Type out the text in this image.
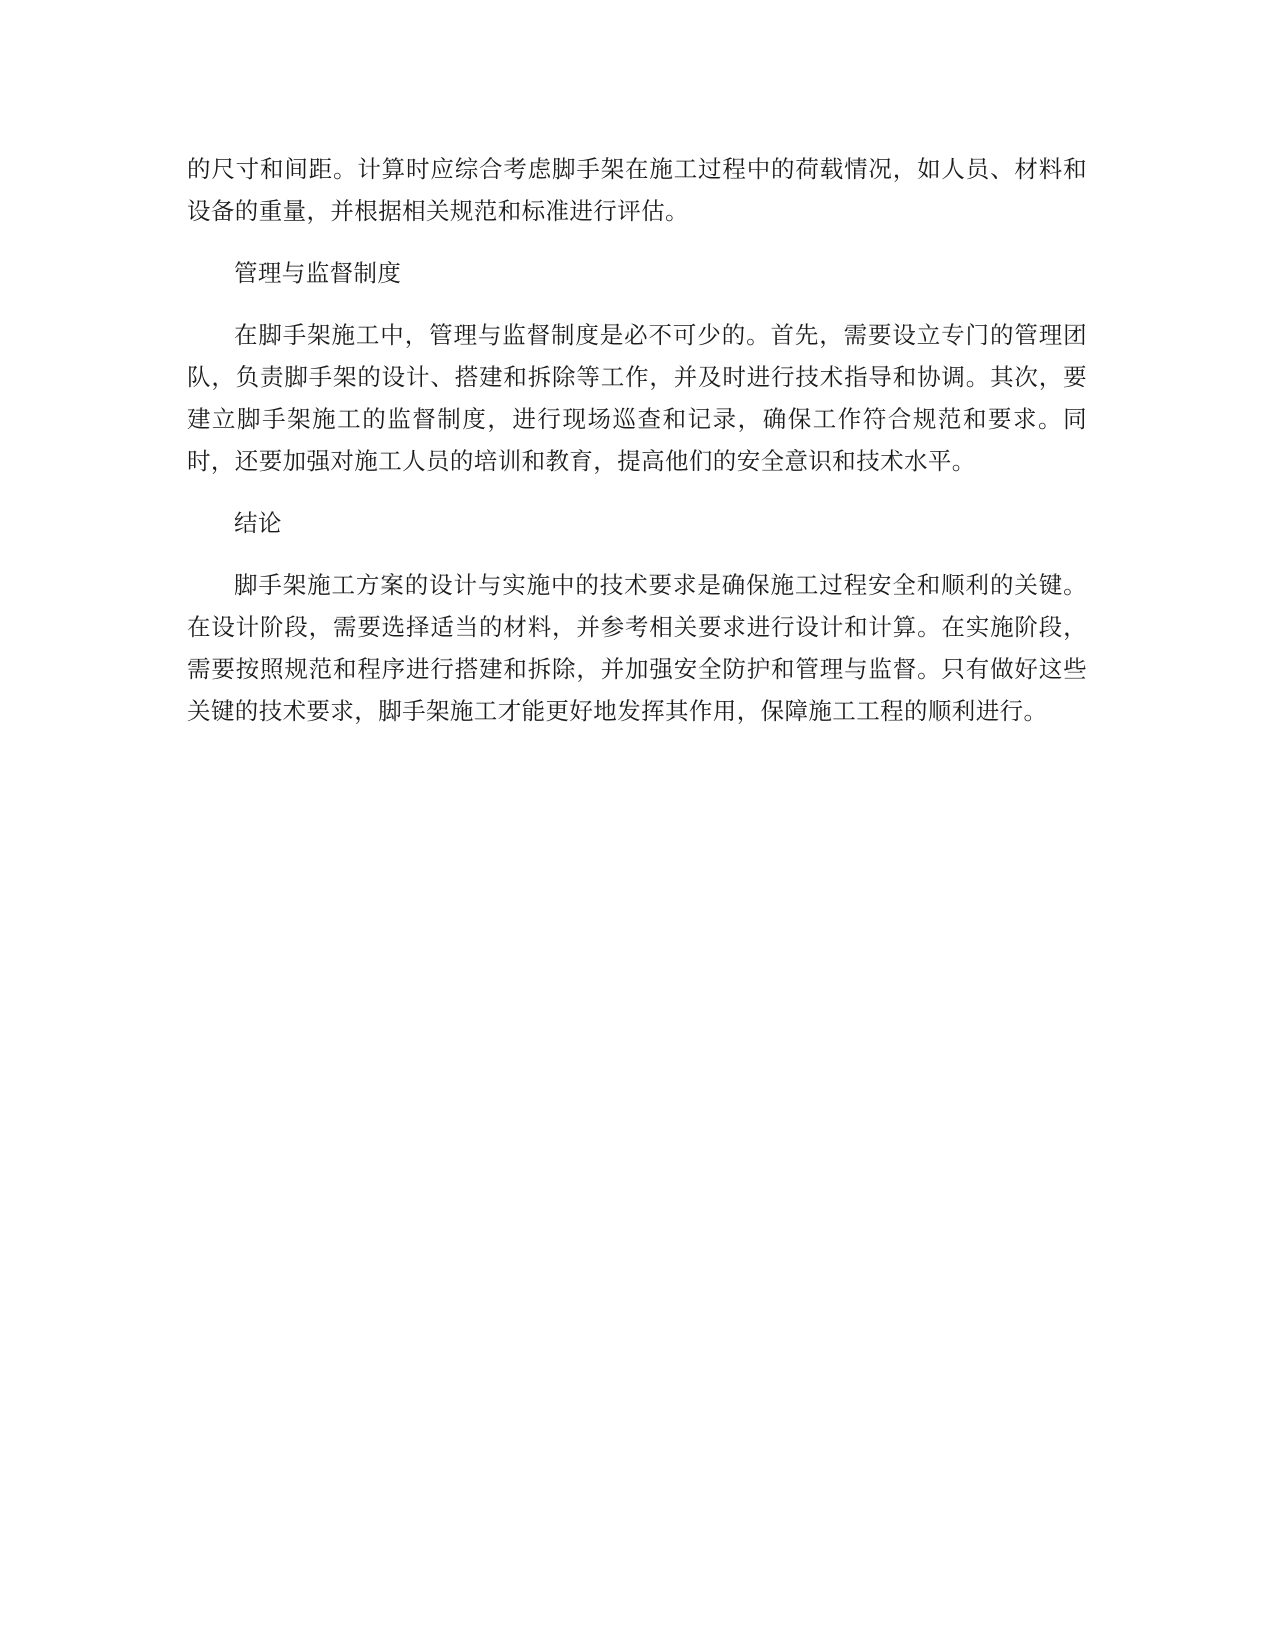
的尺寸和间距。计算时应综合考虑脚手架在施工过程中的荷载情况，如人员、材料和设备的重量，并根据相关规范和标准进行评估。

管理与监督制度

在脚手架施工中，管理与监督制度是必不可少的。首先，需要设立专门的管理团队，负责脚手架的设计、搭建和拆除等工作，并及时进行技术指导和协调。其次，要建立脚手架施工的监督制度，进行现场巡查和记录，确保工作符合规范和要求。同时，还要加强对施工人员的培训和教育，提高他们的安全意识和技术水平。

结论

脚手架施工方案的设计与实施中的技术要求是确保施工过程安全和顺利的关键。在设计阶段，需要选择适当的材料，并参考相关要求进行设计和计算。在实施阶段，需要按照规范和程序进行搭建和拆除，并加强安全防护和管理与监督。只有做好这些关键的技术要求，脚手架施工才能更好地发挥其作用，保障施工工程的顺利进行。
